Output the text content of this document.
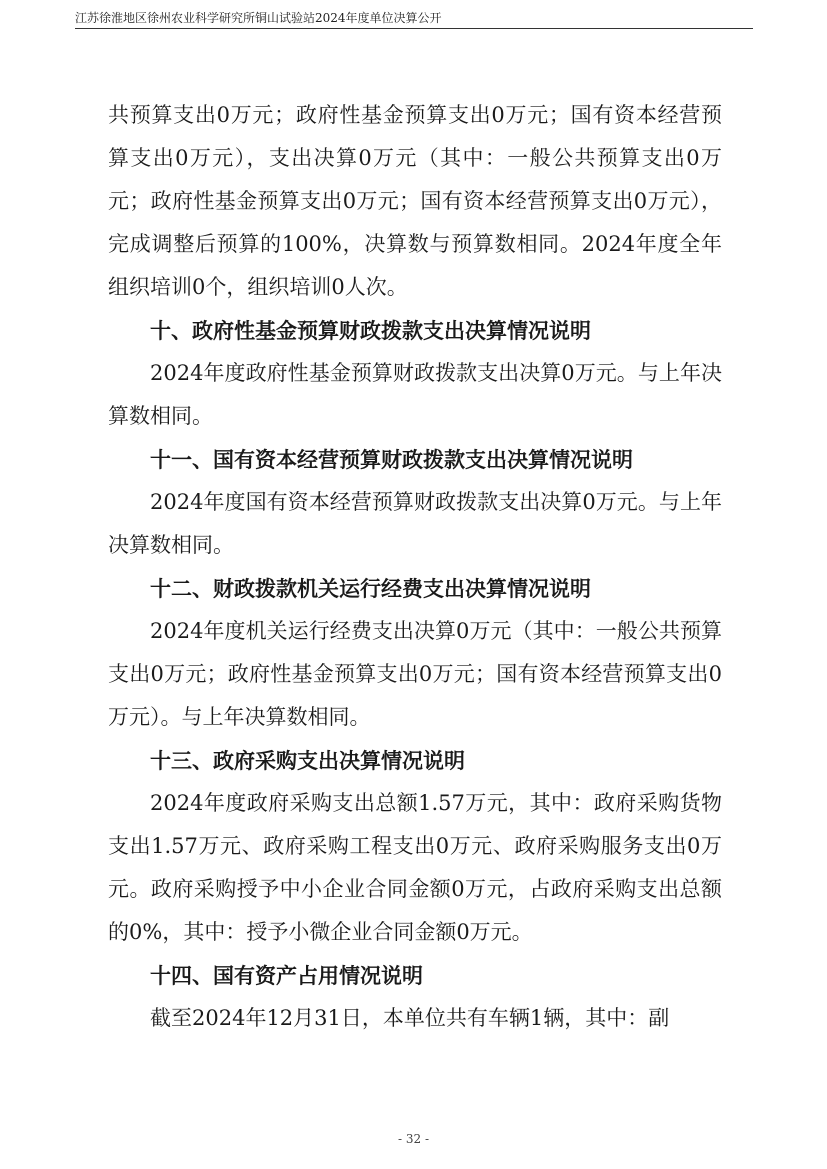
江苏徐淮地区徐州农业科学研究所铜山试验站2024年度单位决算公开

共预算支出0万元；政府性基金预算支出0万元；国有资本经营预算支出0万元），支出决算0万元（其中：一般公共预算支出0万元；政府性基金预算支出0万元；国有资本经营预算支出0万元），完成调整后预算的100%，决算数与预算数相同。2024年度全年组织培训0个，组织培训0人次。

十、政府性基金预算财政拨款支出决算情况说明

2024年度政府性基金预算财政拨款支出决算0万元。与上年决算数相同。

十一、国有资本经营预算财政拨款支出决算情况说明

2024年度国有资本经营预算财政拨款支出决算0万元。与上年决算数相同。

十二、财政拨款机关运行经费支出决算情况说明

2024年度机关运行经费支出决算0万元（其中：一般公共预算支出0万元；政府性基金预算支出0万元；国有资本经营预算支出0万元）。与上年决算数相同。

十三、政府采购支出决算情况说明

2024年度政府采购支出总额1.57万元，其中：政府采购货物支出1.57万元、政府采购工程支出0万元、政府采购服务支出0万元。政府采购授予中小企业合同金额0万元，占政府采购支出总额的0%，其中：授予小微企业合同金额0万元。

十四、国有资产占用情况说明

截至2024年12月31日，本单位共有车辆1辆，其中：副

- 32 -
